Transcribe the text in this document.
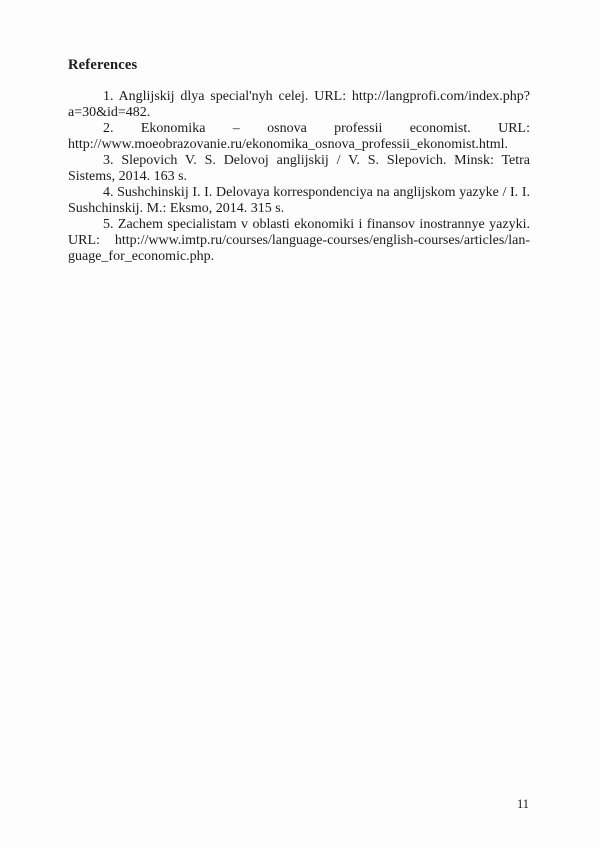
References

1. Anglijskij dlya special'nyh celej. URL: http://langprofi.com/index.php?a=30&id=482.

2. Ekonomika – osnova professii economist. URL: http://www.moeobrazovanie.ru/ekonomika_osnova_professii_ekonomist.html.

3. Slepovich V. S. Delovoj anglijskij / V. S. Slepovich. Minsk: Tetra Sistems, 2014. 163 s.

4. Sushchinskij I. I. Delovaya korrespondenciya na anglijskom yazyke / I. I. Sushchinskij. M.: Eksmo, 2014. 315 s.

5. Zachem specialistam v oblasti ekonomiki i finansov inostrannye yazyki. URL: http://www.imtp.ru/courses/language-courses/english-courses/articles/lan-guage_for_economic.php.

11
